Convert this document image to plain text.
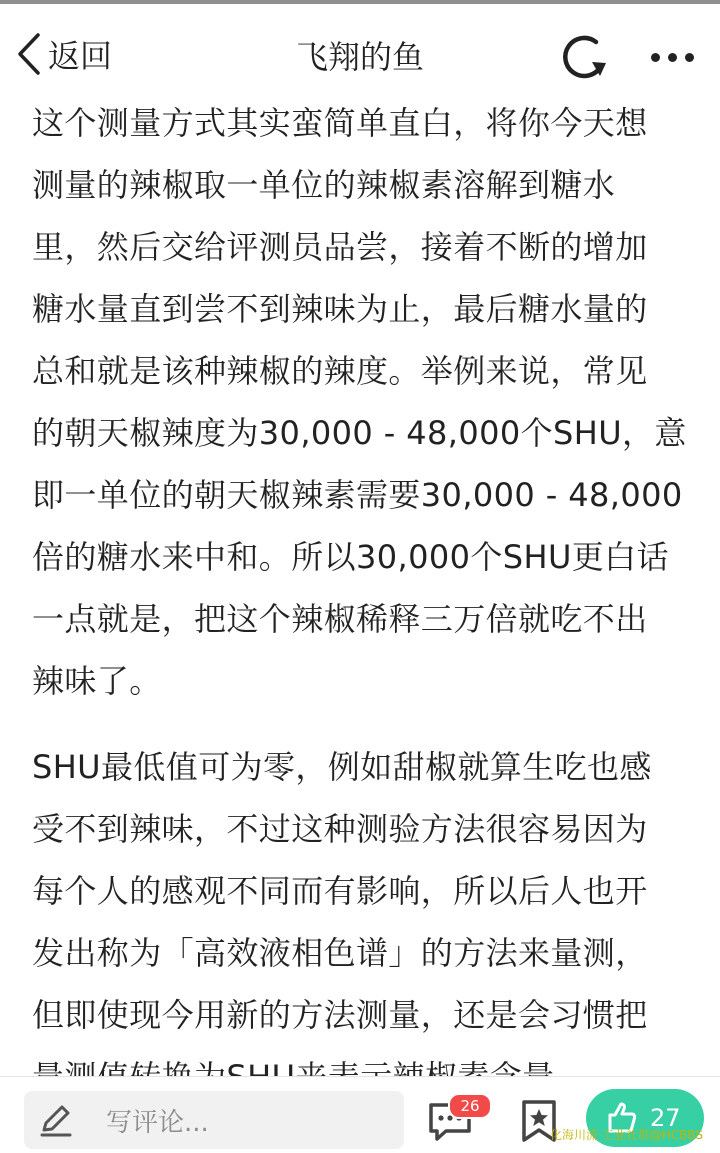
返回	飞翔的鱼

这个测量方式其实蛮简单直白，将你今天想
测量的辣椒取一单位的辣椒素溶解到糖水
里，然后交给评测员品尝，接着不断的增加
糖水量直到尝不到辣味为止，最后糖水量的
总和就是该种辣椒的辣度。举例来说，常见
的朝天椒辣度为30,000 - 48,000个SHU，意
即一单位的朝天椒辣素需要30,000 - 48,000
倍的糖水来中和。所以30,000个SHU更白话
一点就是，把这个辣椒稀释三万倍就吃不出
辣味了。

SHU最低值可为零，例如甜椒就算生吃也感
受不到辣味，不过这种测验方法很容易因为
每个人的感观不同而有影响，所以后人也开
发出称为「高效液相色谱」的方法来量测，
但即使现今用新的方法测量，还是会习惯把

写评论...
26	27
化海川流·工业社群@HCBBS
